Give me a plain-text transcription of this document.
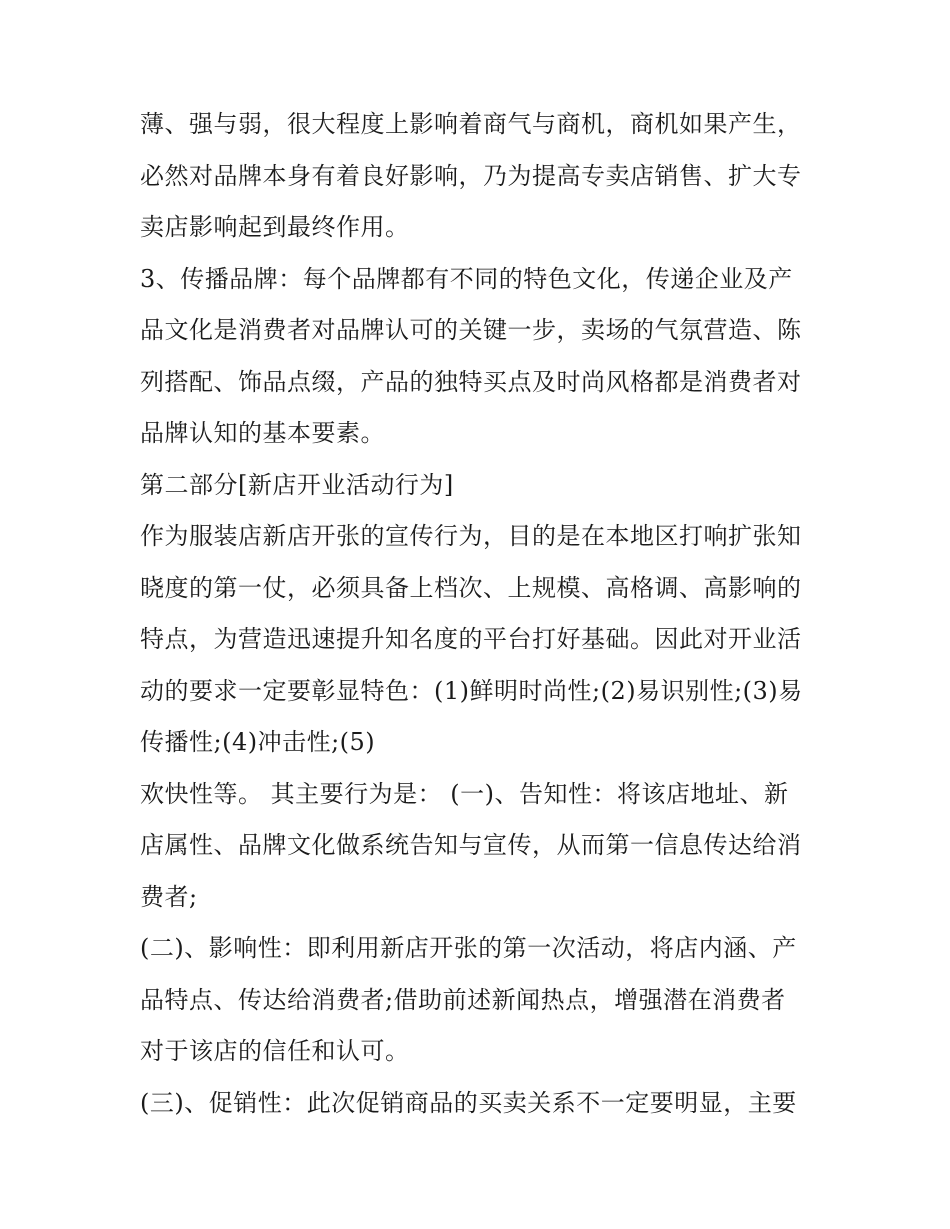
薄、强与弱，很大程度上影响着商气与商机，商机如果产生，
必然对品牌本身有着良好影响，乃为提高专卖店销售、扩大专
卖店影响起到最终作用。
3、传播品牌：每个品牌都有不同的特色文化，传递企业及产
品文化是消费者对品牌认可的关键一步，卖场的气氛营造、陈
列搭配、饰品点缀，产品的独特买点及时尚风格都是消费者对
品牌认知的基本要素。
第二部分[新店开业活动行为]
作为服装店新店开张的宣传行为，目的是在本地区打响扩张知
晓度的第一仗，必须具备上档次、上规模、高格调、高影响的
特点，为营造迅速提升知名度的平台打好基础。因此对开业活
动的要求一定要彰显特色：(1)鲜明时尚性;(2)易识别性;(3)易
传播性;(4)冲击性;(5)
欢快性等。 其主要行为是： (一)、告知性：将该店地址、新
店属性、品牌文化做系统告知与宣传，从而第一信息传达给消
费者;
(二)、影响性：即利用新店开张的第一次活动，将店内涵、产
品特点、传达给消费者;借助前述新闻热点，增强潜在消费者
对于该店的信任和认可。
(三)、促销性：此次促销商品的买卖关系不一定要明显，主要
